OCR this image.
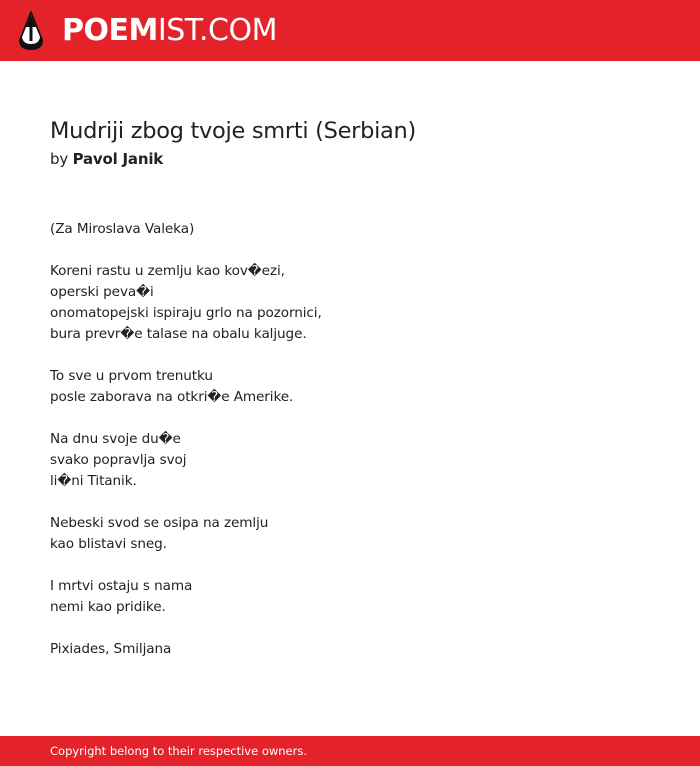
POEMIST.COM
Mudriji zbog tvoje smrti (Serbian)
by Pavol Janik
(Za Miroslava Valeka)
Koreni rastu u zemlju kao kov�ezi,
operski peva�i
onomatopejski ispiraju grlo na pozornici,
bura prevr�e talase na obalu kaljuge.
To sve u prvom trenutku
posle zaborava na otkri�e Amerike.
Na dnu svoje du�e
svako popravlja svoj
li�ni Titanik.
Nebeski svod se osipa na zemlju
kao blistavi sneg.
I mrtvi ostaju s nama
nemi kao pridike.
Pixiades, Smiljana
Copyright belong to their respective owners.
